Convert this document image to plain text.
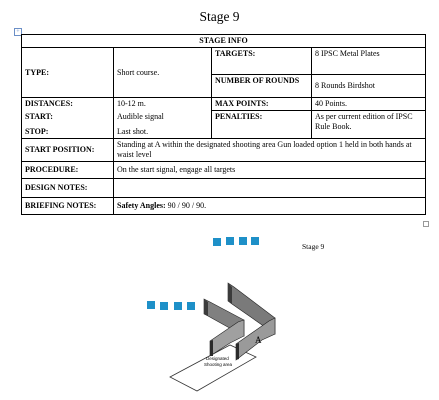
Stage 9
+
STAGE INFO			
TYPE:	Short course.	TARGETS:	8 IPSC Metal Plates
		NUMBER OF ROUNDS	8 Rounds Birdshot
DISTANCES:	10-12 m.	MAX POINTS:	40 Points.
START:	Audible signal	PENALTIES:	As per current edition of IPSC Rule Book.
STOP:	Last shot.		
START POSITION:	Standing at A within the designated shooting area Gun loaded option 1 held in both hands at waist level		
PROCEDURE:	On the start signal, engage all targets		
DESIGN NOTES:			
BRIEFING NOTES:	Safety Angles: 90 / 90 / 90.		
Stage 9
Designated
Shooting area
A
